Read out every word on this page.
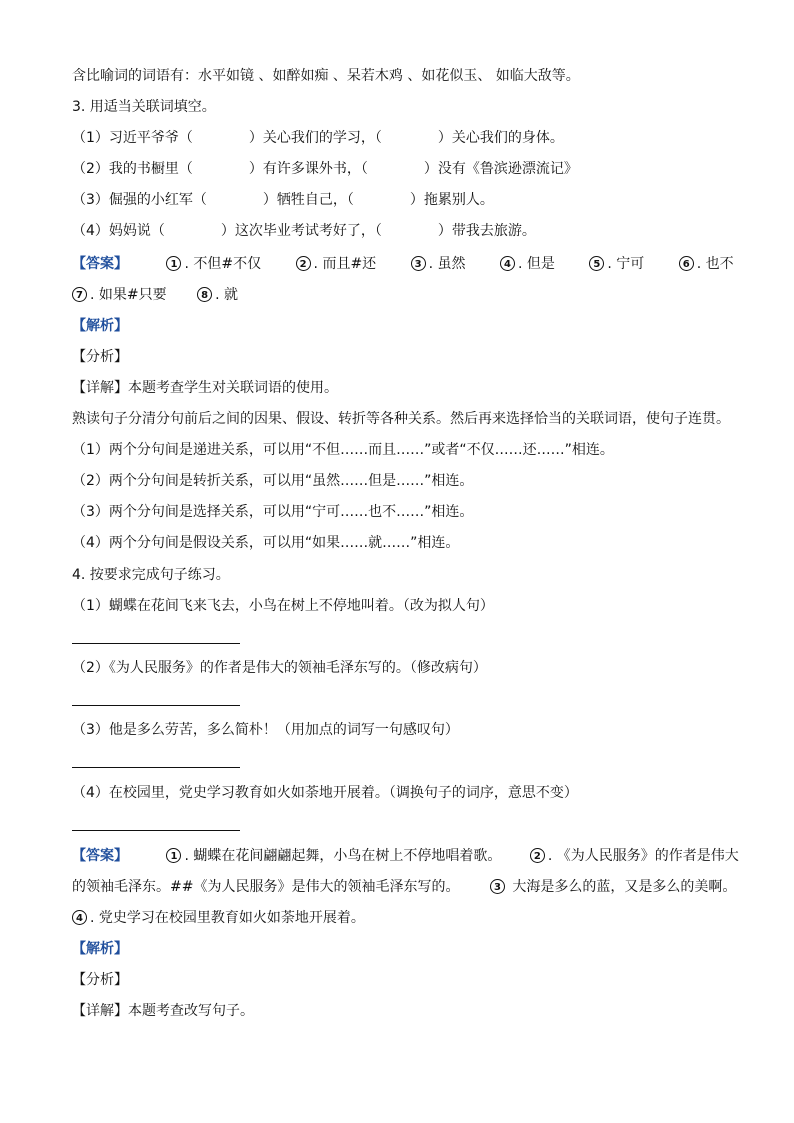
含比喻词的词语有：水平如镜 、如醉如痴 、呆若木鸡 、如花似玉、 如临大敌等。
3. 用适当关联词填空。
（1）习近平爷爷（　　　　）关心我们的学习，（　　　　）关心我们的身体。
（2）我的书橱里（　　　　）有许多课外书，（　　　　）没有《鲁滨逊漂流记》
（3）倔强的小红军（　　　　）牺牲自己，（　　　　）拖累别人。
（4）妈妈说（　　　　）这次毕业考试考好了，（　　　　）带我去旅游。
【答案】	1 . 不但#不仅	2 . 而且#还	3 . 虽然	4 . 但是	5 . 宁可	6 . 也不
7 . 如果#只要	8 . 就
【解析】
【分析】
【详解】本题考查学生对关联词语的使用。
熟读句子分清分句前后之间的因果、假设、转折等各种关系。然后再来选择恰当的关联词语，使句子连贯。
（1）两个分句间是递进关系，可以用“不但……而且……”或者“不仅……还……”相连。
（2）两个分句间是转折关系，可以用“虽然……但是……”相连。
（3）两个分句间是选择关系，可以用“宁可……也不……”相连。
（4）两个分句间是假设关系，可以用“如果……就……”相连。
4. 按要求完成句子练习。
（1）蝴蝶在花间飞来飞去，小鸟在树上不停地叫着。（改为拟人句）
（2）《为人民服务》的作者是伟大的领袖毛泽东写的。（修改病句）
（3）他是多么劳苦，多么简朴！（用加点的词写一句感叹句）
（4）在校园里，党史学习教育如火如荼地开展着。（调换句子的词序，意思不变）
【答案】	1 . 蝴蝶在花间翩翩起舞，小鸟在树上不停地唱着歌。	2 . 《为人民服务》的作者是伟大
的领袖毛泽东。##《为人民服务》是伟大的领袖毛泽东写的。	3 大海是多么的蓝，又是多么的美啊。
4 . 党史学习在校园里教育如火如荼地开展着。
【解析】
【分析】
【详解】本题考查改写句子。
